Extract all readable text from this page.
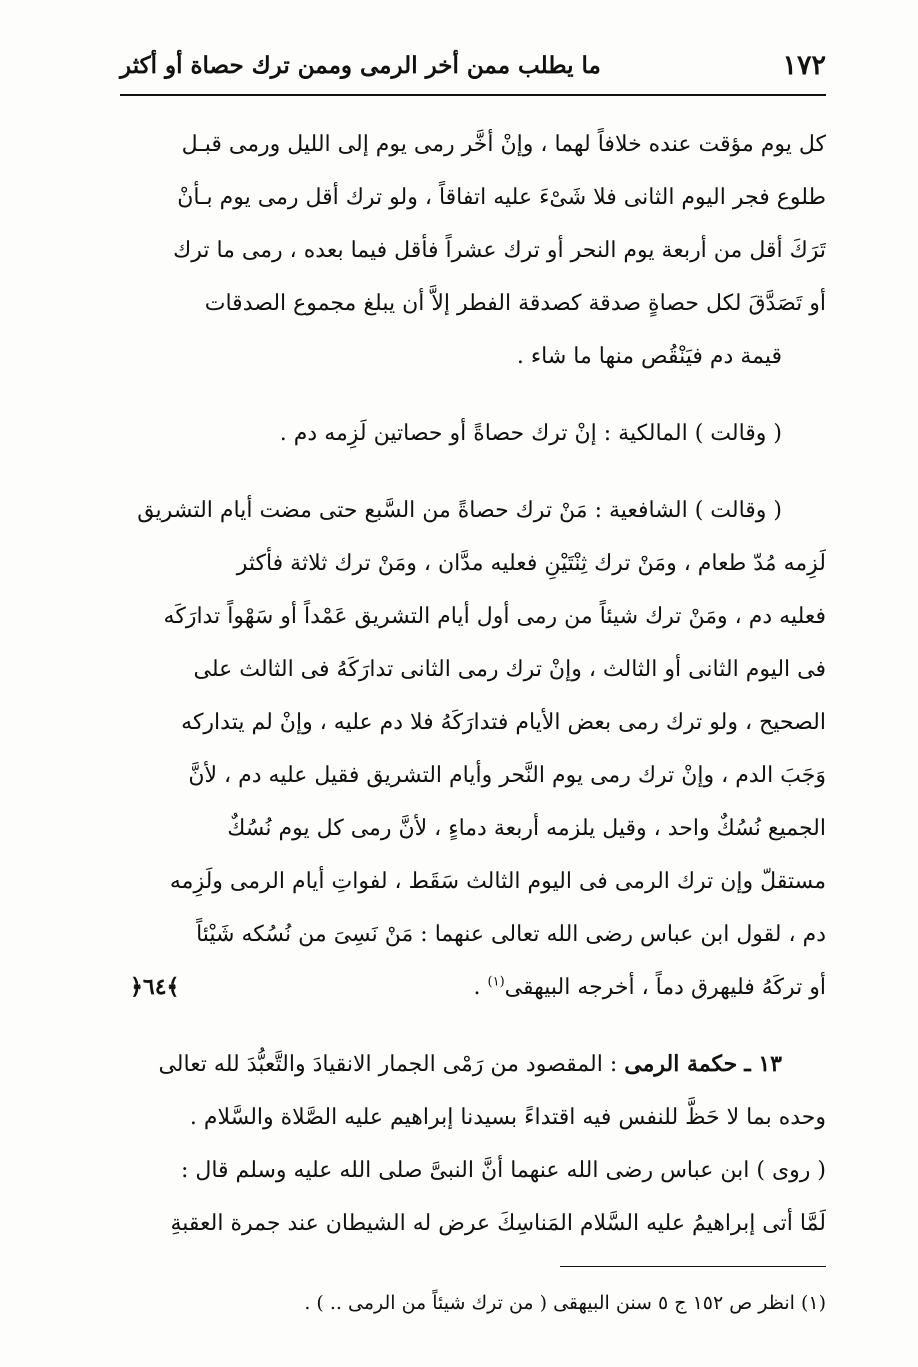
١٧٢
ما يطلب ممن أخر الرمى وممن ترك حصاة أو أكثر
كل يوم مؤقت عنده خلافاً لهما ، وإنْ أخَّر رمى يوم إلى الليل ورمى قبـل
طلوع فجر اليوم الثانى فلا شَىْءَ عليه اتفاقاً ، ولو ترك أقل رمى يوم بـأنْ
تَرَكَ أقل من أربعة يوم النحر أو ترك عشراً فأقل فيما بعده ، رمى ما ترك
أو تَصَدَّقَ لكل حصاةٍ صدقة كصدقة الفطر إلاَّ أن يبلغ مجموع الصدقات
قيمة دم فيَنْقُص منها ما شاء .
( وقالت ) المالكية : إنْ ترك حصاةً أو حصاتين لَزِمه دم .
( وقالت ) الشافعية : مَنْ ترك حصاةً من السَّبع حتى مضت أيام التشريق
لَزِمه مُدّ طعام ، ومَنْ ترك ثِنْتَيْنِ فعليه مدَّان ، ومَنْ ترك ثلاثة فأكثر
فعليه دم ، ومَنْ ترك شيئاً من رمى أول أيام التشريق عَمْداً أو سَهْواً تدارَكَه
فى اليوم الثانى أو الثالث ، وإنْ ترك رمى الثانى تدارَكَهُ فى الثالث على
الصحيح ، ولو ترك رمى بعض الأيام فتدارَكَهُ فلا دم عليه ، وإنْ لم يتداركه
وَجَبَ الدم ، وإنْ ترك رمى يوم النَّحر وأيام التشريق فقيل عليه دم ، لأنَّ
الجميع نُسُكٌ واحد ، وقيل يلزمه أربعة دماءٍ ، لأنَّ رمى كل يوم نُسُكٌ
مستقلّ وإن ترك الرمى فى اليوم الثالث سَقَط ، لفواتِ أيام الرمى ولَزِمه
دم ، لقول ابن عباس رضى الله تعالى عنهما : مَنْ نَسِىَ من نُسُكه شَيْئاً
أو تركَهُ فليهرق دماً ، أخرجه البيهقى$^{(١)}$ .
﴿٦٤﴾
١٣ ـ حكمة الرمى : المقصود من رَمْى الجمار الانقيادَ والتَّعبُّدَ لله تعالى
وحده بما لا حَظَّ للنفس فيه اقتداءً بسيدنا إبراهيم عليه الصَّلاة والسَّلام .
( روى ) ابن عباس رضى الله عنهما أنَّ النبىَّ صلى الله عليه وسلم قال :
لَمَّا أتى إبراهيمُ عليه السَّلام المَناسِكَ عرض له الشيطان عند جمرة العقبةِ
(١) انظر ص ١٥٢ ج ٥ سنن البيهقى ( من ترك شيئاً من الرمى .. ) .
